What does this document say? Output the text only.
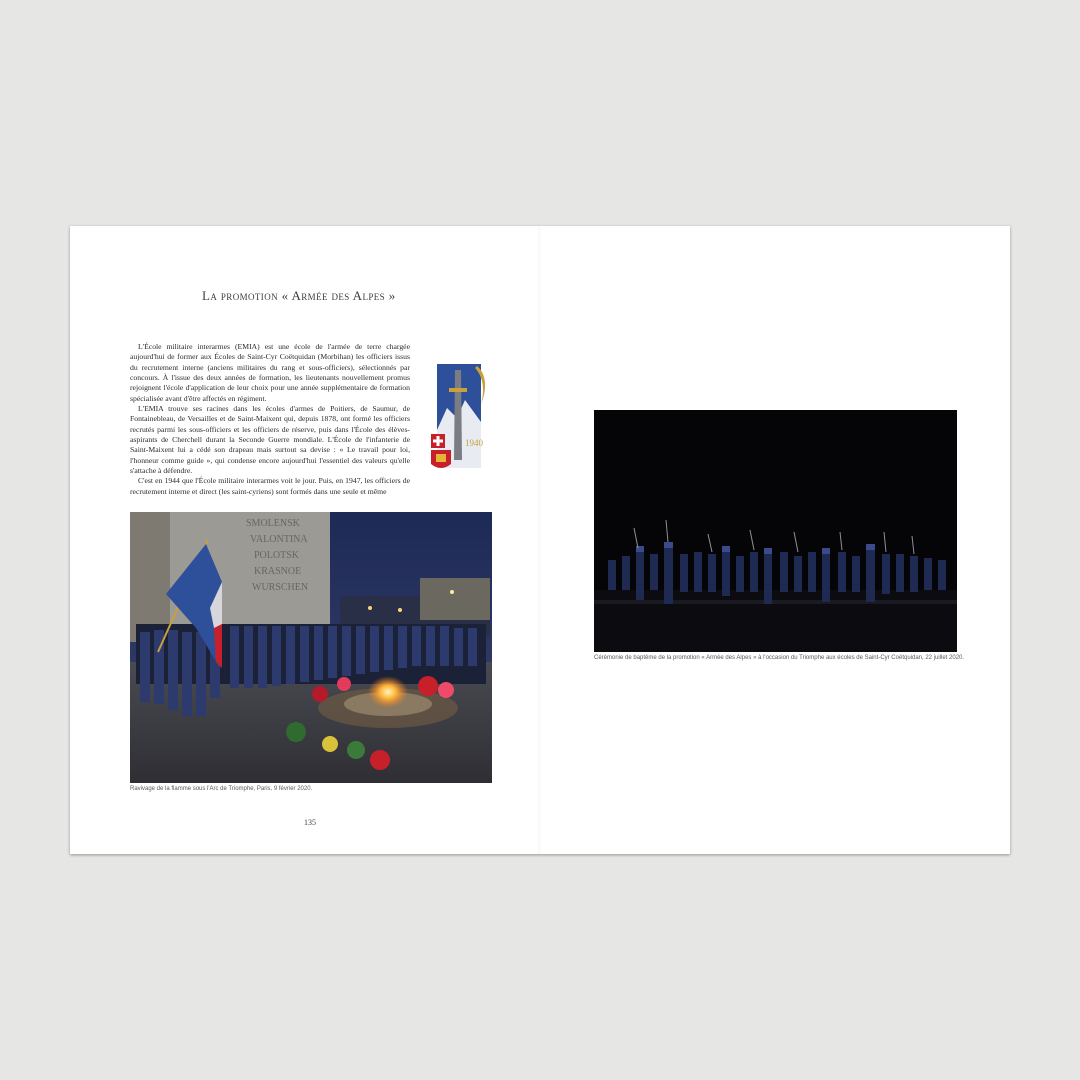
La promotion « Armée des Alpes »

L'École militaire interarmes (EMIA) est une école de l'armée de terre chargée aujourd'hui de former aux Écoles de Saint-Cyr Coëtquidan (Morbihan) les officiers issus du recrutement interne (anciens militaires du rang et sous-officiers), sélectionnés par concours. À l'issue des deux années de formation, les lieutenants nouvellement promus rejoignent l'école d'application de leur choix pour une année supplémentaire de formation spécialisée avant d'être affectés en régiment.

L'EMIA trouve ses racines dans les écoles d'armes de Poitiers, de Saumur, de Fontainebleau, de Versailles et de Saint-Maixent qui, depuis 1878, ont formé les officiers recrutés parmi les sous-officiers et les officiers de réserve, puis dans l'École des élèves-aspirants de Cherchell durant la Seconde Guerre mondiale. L'École de l'infanterie de Saint-Maixent lui a cédé son drapeau mais surtout sa devise : « Le travail pour loi, l'honneur comme guide », qui condense encore aujourd'hui l'essentiel des valeurs qu'elle s'attache à défendre.

C'est en 1944 que l'École militaire interarmes voit le jour. Puis, en 1947, les officiers de recrutement interne et direct (les saint-cyriens) sont formés dans une seule et même

1940
SMOLENSK
VALONTINA
POLOTSK
KRASNOE
WURSCHEN
Ravivage de la flamme sous l'Arc de Triomphe, Paris, 9 février 2020.
Cérémonie de baptême de la promotion « Armée des Alpes » à l'occasion du Triomphe aux écoles de Saint-Cyr Coëtquidan, 22 juillet 2020.
135
